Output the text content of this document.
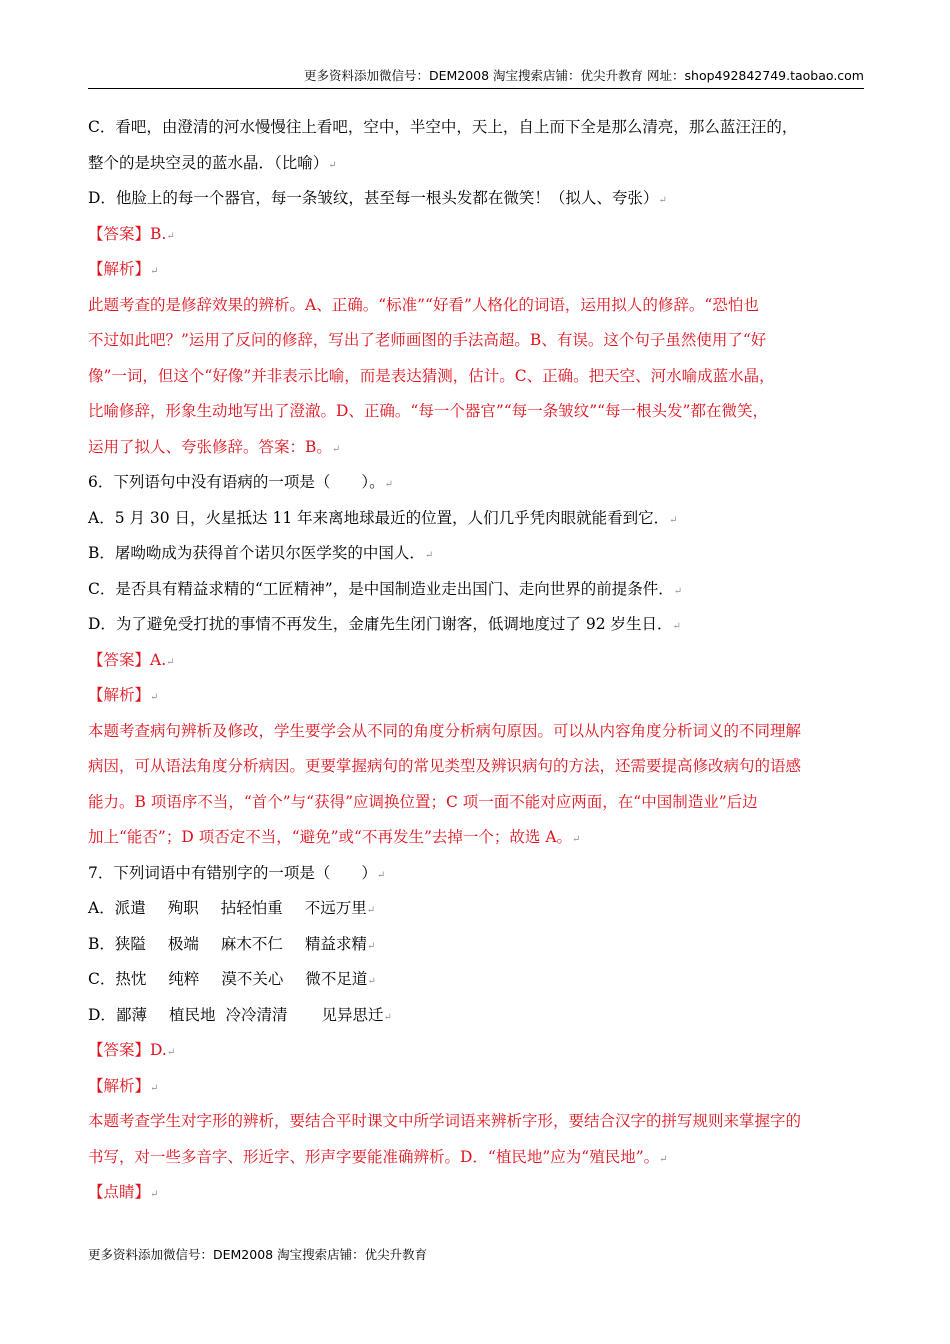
更多资料添加微信号：DEM2008 淘宝搜索店铺：优尖升教育 网址：shop492842749.taobao.com
C．看吧，由澄清的河水慢慢往上看吧，空中，半空中，天上，自上而下全是那么清亮，那么蓝汪汪的，
整个的是块空灵的蓝水晶．（比喻）↵
D．他脸上的每一个器官，每一条皱纹，甚至每一根头发都在微笑！（拟人、夸张）↵
【答案】B.↵
【解析】↵
此题考查的是修辞效果的辨析。A、正确。“标准”“好看”人格化的词语，运用拟人的修辞。“恐怕也
不过如此吧？”运用了反问的修辞，写出了老师画图的手法高超。B、有误。这个句子虽然使用了“好
像”一词，但这个“好像”并非表示比喻，而是表达猜测，估计。C、正确。把天空、河水喻成蓝水晶，
比喻修辞，形象生动地写出了澄澈。D、正确。“每一个器官”“每一条皱纹”“每一根头发”都在微笑，
运用了拟人、夸张修辞。答案：B。↵
6．下列语句中没有语病的一项是（　　）。↵
A．5 月 30 日，火星抵达 11 年来离地球最近的位置，人们几乎凭肉眼就能看到它．↵
B．屠呦呦成为获得首个诺贝尔医学奖的中国人．↵
C．是否具有精益求精的“工匠精神”，是中国制造业走出国门、走向世界的前提条件．↵
D．为了避免受打扰的事情不再发生，金庸先生闭门谢客，低调地度过了 92 岁生日．↵
【答案】A.↵
【解析】↵
本题考查病句辨析及修改，学生要学会从不同的角度分析病句原因。可以从内容角度分析词义的不同理解
病因，可从语法角度分析病因。更要掌握病句的常见类型及辨识病句的方法，还需要提高修改病句的语感
能力。B 项语序不当，“首个”与“获得”应调换位置；C 项一面不能对应两面，在“中国制造业”后边
加上“能否”；D 项否定不当，“避免”或“不再发生”去掉一个；故选 A。↵
7．下列词语中有错别字的一项是（　　）↵
A．派遣 殉职 拈轻怕重 不远万里↵
B．狭隘 极端 麻木不仁 精益求精↵
C．热忱 纯粹 漠不关心 微不足道↵
D．鄙薄 植民地 冷冷清清 见异思迁↵
【答案】D.↵
【解析】↵
本题考查学生对字形的辨析，要结合平时课文中所学词语来辨析字形，要结合汉字的拼写规则来掌握字的
书写，对一些多音字、形近字、形声字要能准确辨析。D．“植民地”应为“殖民地”。↵
【点睛】↵
更多资料添加微信号：DEM2008 淘宝搜索店铺：优尖升教育
